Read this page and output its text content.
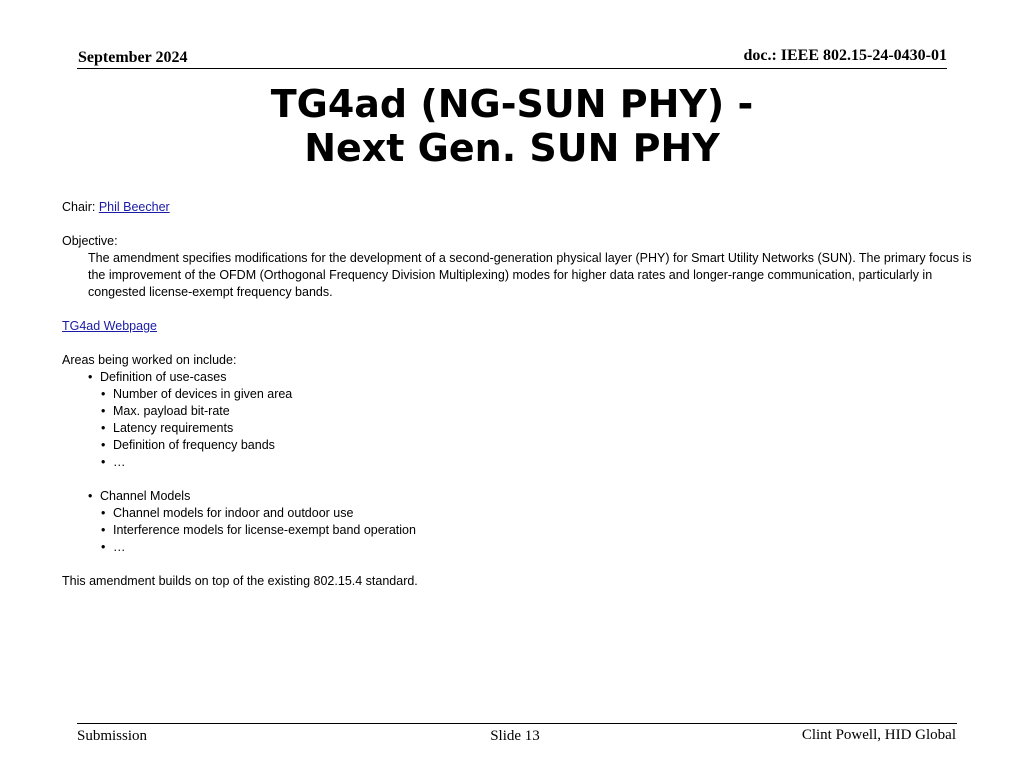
September 2024	doc.: IEEE 802.15-24-0430-01
TG4ad (NG-SUN PHY) -
Next Gen. SUN PHY

Chair: Phil Beecher

Objective:

The amendment specifies modifications for the development of a second-generation physical layer (PHY) for Smart Utility Networks (SUN). The primary focus is the improvement of the OFDM (Orthogonal Frequency Division Multiplexing) modes for higher data rates and longer-range communication, particularly in congested license-exempt frequency bands.

TG4ad Webpage

Areas being worked on include:

• Definition of use-cases
• Number of devices in given area
• Max. payload bit-rate
• Latency requirements
• Definition of frequency bands
• …
• Channel Models
• Channel models for indoor and outdoor use
• Interference models for license-exempt band operation
• …

This amendment builds on top of the existing 802.15.4 standard.

Submission	Slide 13	Clint Powell, HID Global
